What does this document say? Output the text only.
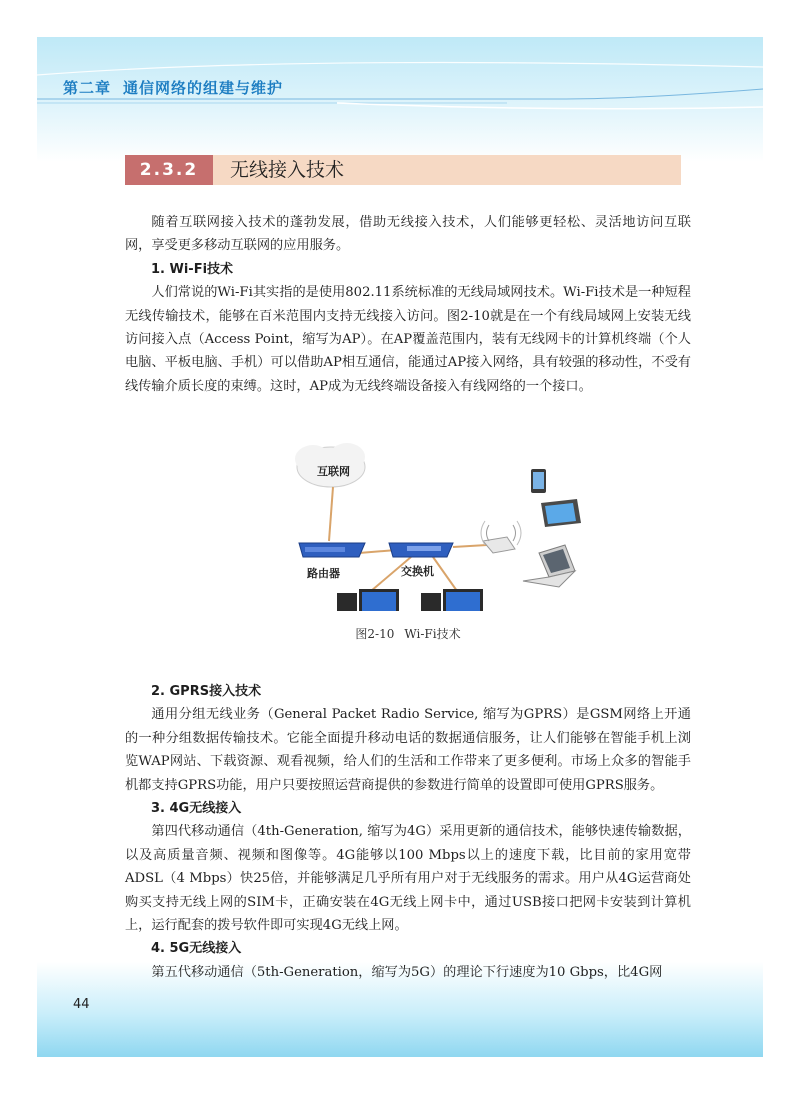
第二章 通信网络的组建与维护
44
2.3.2	无线接入技术

随着互联网接入技术的蓬勃发展，借助无线接入技术，人们能够更轻松、灵活地访问互联网，享受更多移动互联网的应用服务。

1. Wi-Fi技术

人们常说的Wi-Fi其实指的是使用802.11系统标准的无线局域网技术。Wi-Fi技术是一种短程无线传输技术，能够在百米范围内支持无线接入访问。图2-10就是在一个有线局域网上安装无线访问接入点（Access Point，缩写为AP）。在AP覆盖范围内，装有无线网卡的计算机终端（个人电脑、平板电脑、手机）可以借助AP相互通信，能通过AP接入网络，具有较强的移动性，不受有线传输介质长度的束缚。这时，AP成为无线终端设备接入有线网络的一个接口。

互联网
路由器	交换机
图2-10 Wi-Fi技术

2. GPRS接入技术

通用分组无线业务（General Packet Radio Service, 缩写为GPRS）是GSM网络上开通的一种分组数据传输技术。它能全面提升移动电话的数据通信服务，让人们能够在智能手机上浏览WAP网站、下载资源、观看视频，给人们的生活和工作带来了更多便利。市场上众多的智能手机都支持GPRS功能，用户只要按照运营商提供的参数进行简单的设置即可使用GPRS服务。

3. 4G无线接入

第四代移动通信（4th-Generation, 缩写为4G）采用更新的通信技术，能够快速传输数据，以及高质量音频、视频和图像等。4G能够以100 Mbps以上的速度下载，比目前的家用宽带ADSL（4 Mbps）快25倍，并能够满足几乎所有用户对于无线服务的需求。用户从4G运营商处购买支持无线上网的SIM卡，正确安装在4G无线上网卡中，通过USB接口把网卡安装到计算机上，运行配套的拨号软件即可实现4G无线上网。

4. 5G无线接入

第五代移动通信（5th-Generation，缩写为5G）的理论下行速度为10 Gbps，比4G网
